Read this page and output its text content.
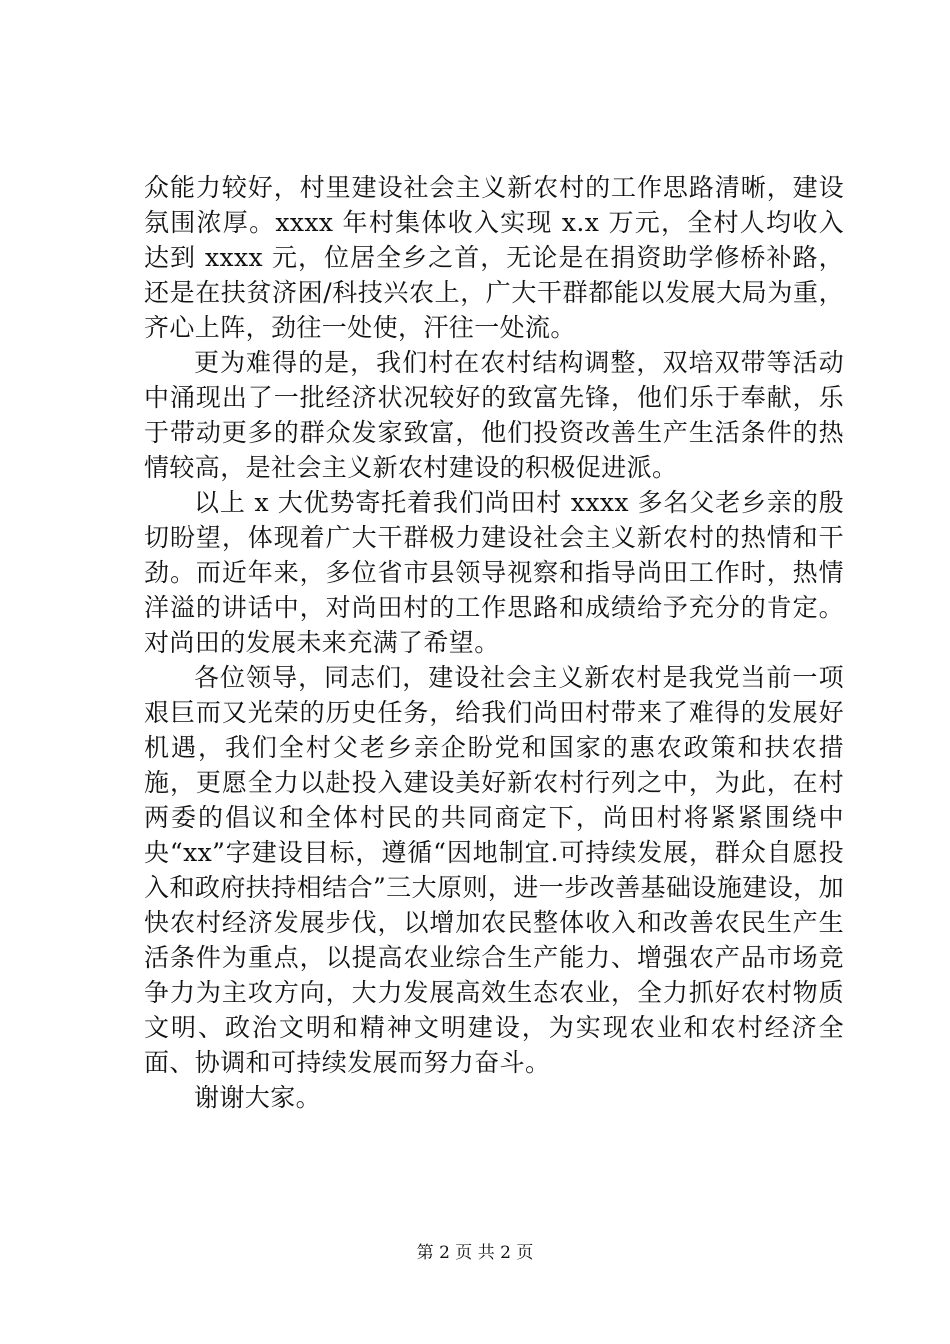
众能力较好，村里建设社会主义新农村的工作思路清晰，建设氛围浓厚。xxxx 年村集体收入实现 x.x 万元，全村人均收入达到 xxxx 元，位居全乡之首，无论是在捐资助学修桥补路，还是在扶贫济困/科技兴农上，广大干群都能以发展大局为重，齐心上阵，劲往一处使，汗往一处流。

更为难得的是，我们村在农村结构调整，双培双带等活动中涌现出了一批经济状况较好的致富先锋，他们乐于奉献，乐于带动更多的群众发家致富，他们投资改善生产生活条件的热情较高，是社会主义新农村建设的积极促进派。

以上 x 大优势寄托着我们尚田村 xxxx 多名父老乡亲的殷切盼望，体现着广大干群极力建设社会主义新农村的热情和干劲。而近年来，多位省市县领导视察和指导尚田工作时，热情洋溢的讲话中，对尚田村的工作思路和成绩给予充分的肯定。对尚田的发展未来充满了希望。

各位领导，同志们，建设社会主义新农村是我党当前一项艰巨而又光荣的历史任务，给我们尚田村带来了难得的发展好机遇，我们全村父老乡亲企盼党和国家的惠农政策和扶农措施，更愿全力以赴投入建设美好新农村行列之中，为此，在村两委的倡议和全体村民的共同商定下，尚田村将紧紧围绕中央“xx”字建设目标，遵循“因地制宜.可持续发展，群众自愿投入和政府扶持相结合”三大原则，进一步改善基础设施建设，加快农村经济发展步伐，以增加农民整体收入和改善农民生产生活条件为重点，以提高农业综合生产能力、增强农产品市场竞争力为主攻方向，大力发展高效生态农业，全力抓好农村物质文明、政治文明和精神文明建设，为实现农业和农村经济全面、协调和可持续发展而努力奋斗。

谢谢大家。

第 2 页 共 2 页
